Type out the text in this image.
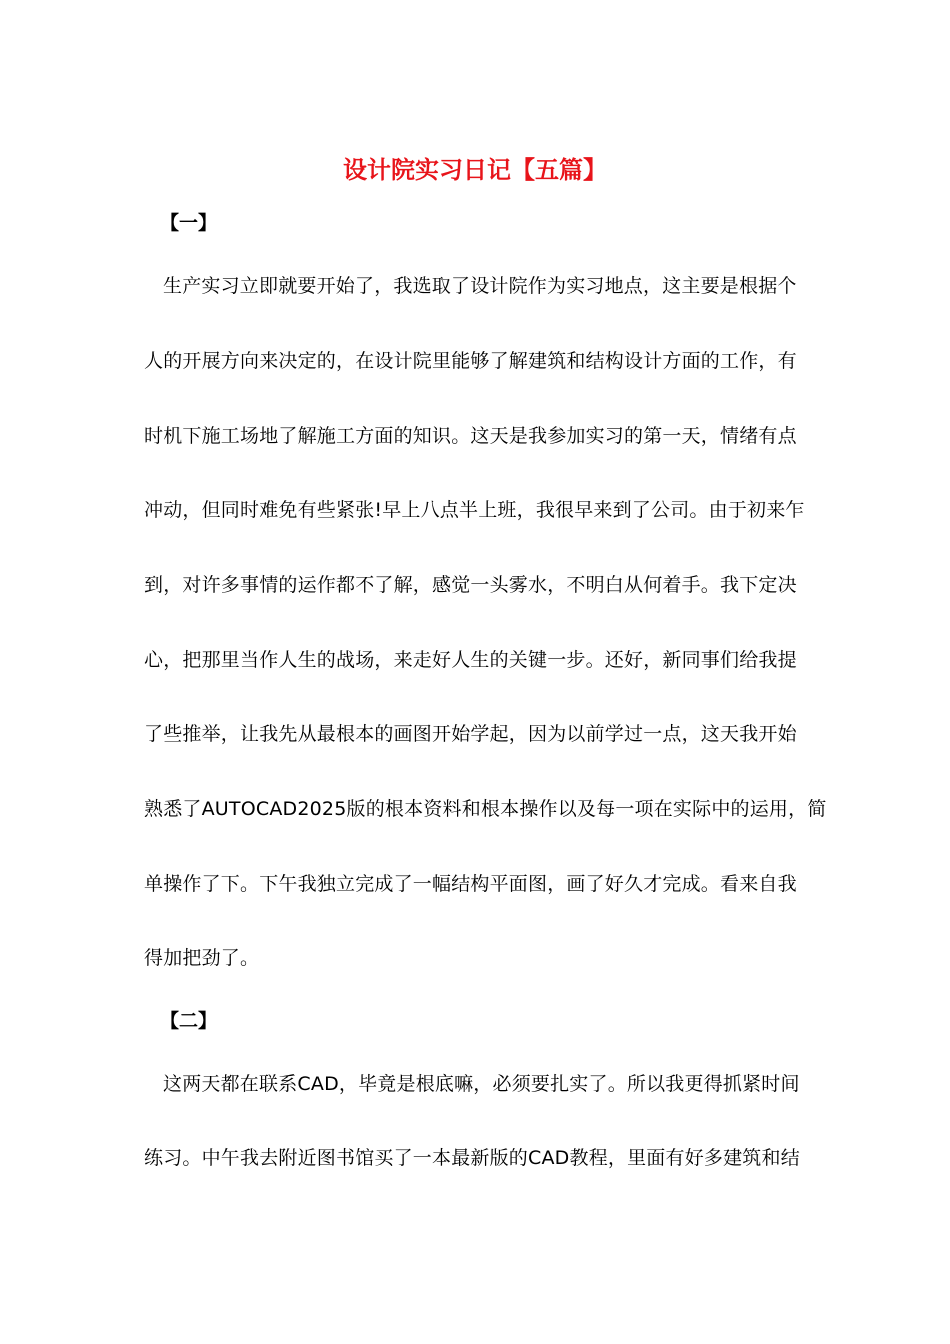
设计院实习日记【五篇】
【一】
生产实习立即就要开始了，我选取了设计院作为实习地点，这主要是根据个
人的开展方向来决定的，在设计院里能够了解建筑和结构设计方面的工作，有
时机下施工场地了解施工方面的知识。这天是我参加实习的第一天，情绪有点
冲动，但同时难免有些紧张!早上八点半上班，我很早来到了公司。由于初来乍
到，对许多事情的运作都不了解，感觉一头雾水，不明白从何着手。我下定决
心，把那里当作人生的战场，来走好人生的关键一步。还好，新同事们给我提
了些推举，让我先从最根本的画图开始学起，因为以前学过一点，这天我开始
熟悉了AUTOCAD2025版的根本资料和根本操作以及每一项在实际中的运用，简
单操作了下。下午我独立完成了一幅结构平面图，画了好久才完成。看来自我
得加把劲了。
【二】
这两天都在联系CAD，毕竟是根底嘛，必须要扎实了。所以我更得抓紧时间
练习。中午我去附近图书馆买了一本最新版的CAD教程，里面有好多建筑和结
